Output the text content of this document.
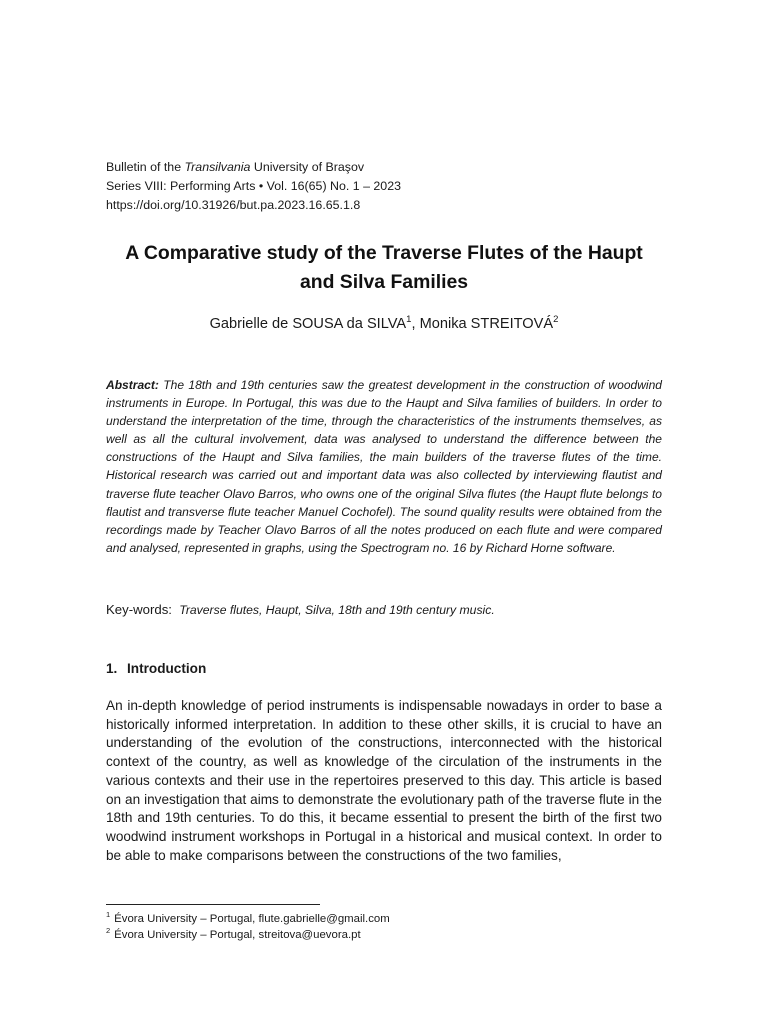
Bulletin of the Transilvania University of Braşov
Series VIII: Performing Arts • Vol. 16(65) No. 1 – 2023
https://doi.org/10.31926/but.pa.2023.16.65.1.8
A Comparative study of the Traverse Flutes of the Haupt and Silva Families
Gabrielle de SOUSA da SILVA$^1$, Monika STREITOVÁ$^2$
Abstract: The 18th and 19th centuries saw the greatest development in the construction of woodwind instruments in Europe. In Portugal, this was due to the Haupt and Silva families of builders. In order to understand the interpretation of the time, through the characteristics of the instruments themselves, as well as all the cultural involvement, data was analysed to understand the difference between the constructions of the Haupt and Silva families, the main builders of the traverse flutes of the time. Historical research was carried out and important data was also collected by interviewing flautist and traverse flute teacher Olavo Barros, who owns one of the original Silva flutes (the Haupt flute belongs to flautist and transverse flute teacher Manuel Cochofel). The sound quality results were obtained from the recordings made by Teacher Olavo Barros of all the notes produced on each flute and were compared and analysed, represented in graphs, using the Spectrogram no. 16 by Richard Horne software.
Key-words: Traverse flutes, Haupt, Silva, 18th and 19th century music.
1. Introduction
An in-depth knowledge of period instruments is indispensable nowadays in order to base a historically informed interpretation. In addition to these other skills, it is crucial to have an understanding of the evolution of the constructions, interconnected with the historical context of the country, as well as knowledge of the circulation of the instruments in the various contexts and their use in the repertoires preserved to this day. This article is based on an investigation that aims to demonstrate the evolutionary path of the traverse flute in the 18th and 19th centuries. To do this, it became essential to present the birth of the first two woodwind instrument workshops in Portugal in a historical and musical context. In order to be able to make comparisons between the constructions of the two families,
$^1$ Évora University – Portugal, flute.gabrielle@gmail.com
$^2$ Évora University – Portugal, streitova@uevora.pt
